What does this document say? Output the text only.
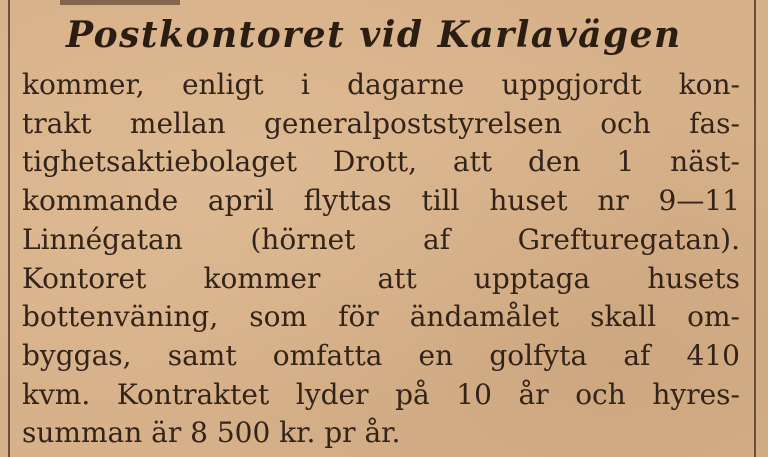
Postkontoret vid Karlavägen
kommer, enligt i dagarne uppgjordt kon-
trakt mellan generalpoststyrelsen och fas-
tighetsaktiebolaget Drott, att den 1 näst-
kommande april flyttas till huset nr 9—11
Linnégatan (hörnet af Grefturegatan).
Kontoret kommer att upptaga husets
bottenväning, som för ändamålet skall om-
byggas, samt omfatta en golfyta af 410
kvm. Kontraktet lyder på 10 år och hyres-
summan är 8 500 kr. pr år.
